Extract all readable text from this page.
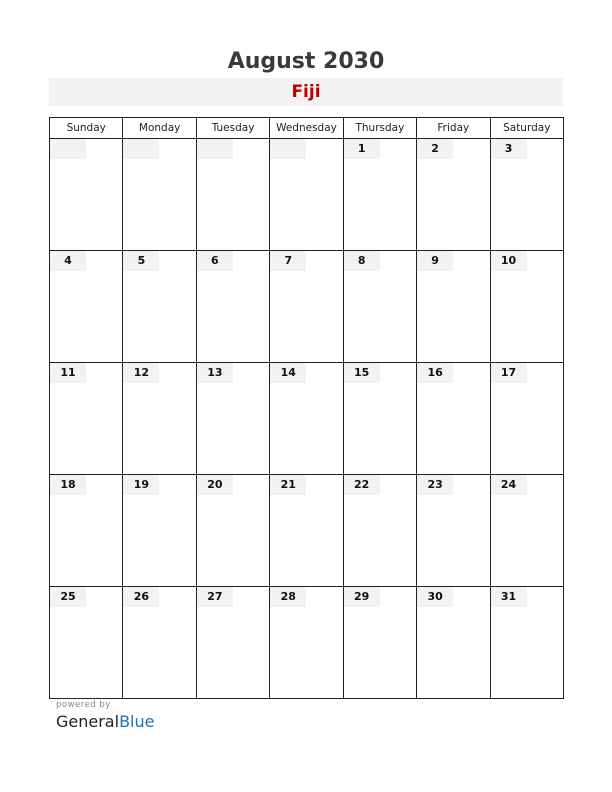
August 2030
Fiji
Sunday	Monday	Tuesday	Wednesday	Thursday	Friday	Saturday

				1	2	3

4	5	6	7	8	9	10

11	12	13	14	15	16	17

18	19	20	21	22	23	24

25	26	27	28	29	30	31
powered by
GeneralBlue
